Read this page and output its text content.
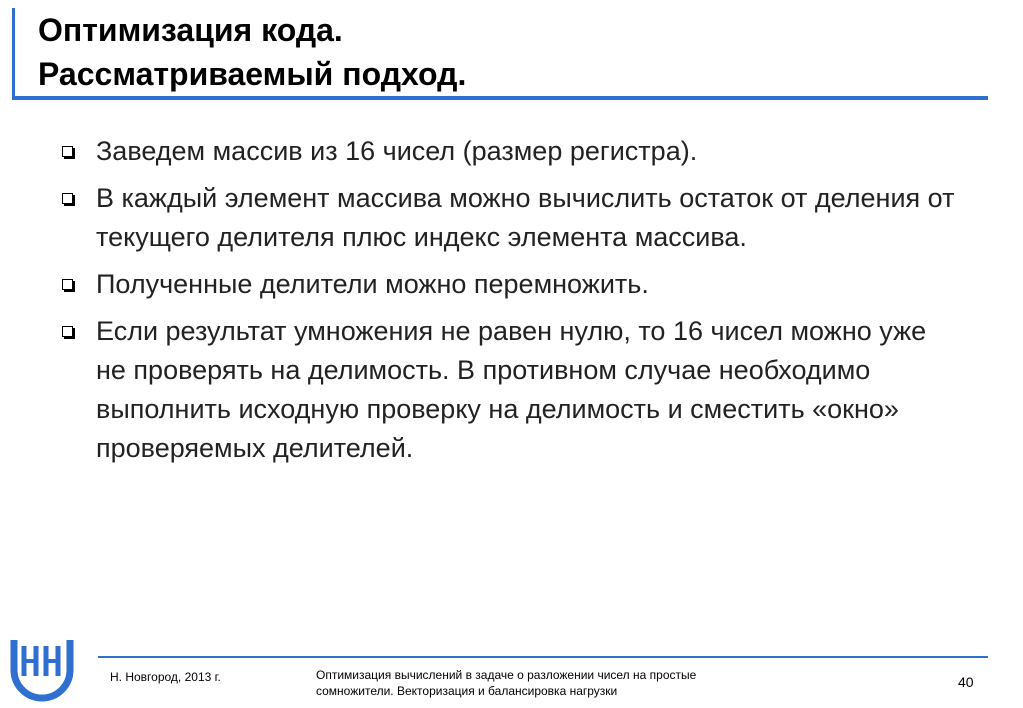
Оптимизация кода.
Рассматриваемый подход.
Заведем массив из 16 чисел (размер регистра).
В каждый элемент массива можно вычислить остаток от деления от текущего делителя плюс индекс элемента массива.
Полученные делители можно перемножить.
Если результат умножения не равен нулю, то 16 чисел можно уже не проверять на делимость. В противном случае необходимо выполнить исходную проверку на делимость и сместить «окно» проверяемых делителей.
Н. Новгород, 2013 г.	Оптимизация вычислений в задаче о разложении чисел на простые
сомножители. Векторизация и балансировка нагрузки
40
